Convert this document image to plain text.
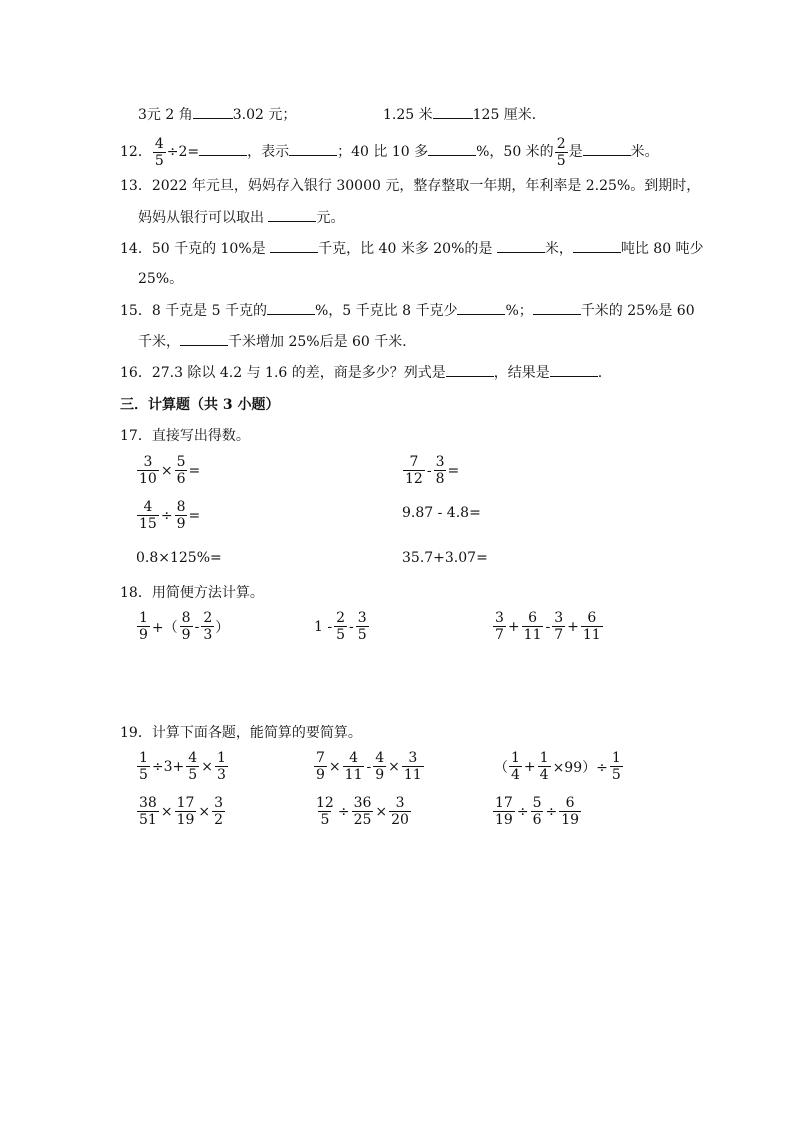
3元 2 角	3.02 元；	1.25 米	125 厘米．
12． $\frac{4}{5} \div 2=$	，表示	；40 比 10 多	%，50 米的 $\frac{2}{5}$ 是	米。
13．2022 年元旦，妈妈存入银行 30000 元，整存整取一年期，年利率是 2.25%。到期时，
妈妈从银行可以取出	元。
14．50 千克的 10%是	千克，比 40 米多 20%的是	米，	吨比 80 吨少
25%。
15．8 千克是 5 千克的	%，5 千克比 8 千克少	%；	千米的 25%是 60
千米，	千米增加 25%后是 60 千米．
16．27.3 除以 4.2 与 1.6 的差，商是多少？列式是	，结果是	.
三．计算题（共 3 小题）
17．直接写出得数。
$\frac{3}{10} \times \frac{5}{6}$ =	$\frac{7}{12} - \frac{3}{8}$ =
$\frac{4}{15} \div \frac{8}{9}$ =	9.87 - 4.8=
0.8×125%=	35.7+3.07=
18．用简便方法计算。
$\frac{1}{9}$ +（ $\frac{8}{9} - \frac{2}{3}$ ）	$1 - \frac{2}{5} - \frac{3}{5}$	$\frac{3}{7} + \frac{6}{11} - \frac{3}{7} + \frac{6}{11}$
19．计算下面各题，能简算的要简算。
$\frac{1}{5} \div 3+ \frac{4}{5} \times \frac{1}{3}$	$\frac{7}{9} \times \frac{4}{11} - \frac{4}{9} \times \frac{3}{11}$	（ $\frac{1}{4} + \frac{1}{4} \times 99)\div \frac{1}{5}$
$\frac{38}{51} \times \frac{17}{19} \times \frac{3}{2}$	$\frac{12}{5} \div \frac{36}{25} \times \frac{3}{20}$	$\frac{17}{19} \div \frac{5}{6} \div \frac{6}{19}$
